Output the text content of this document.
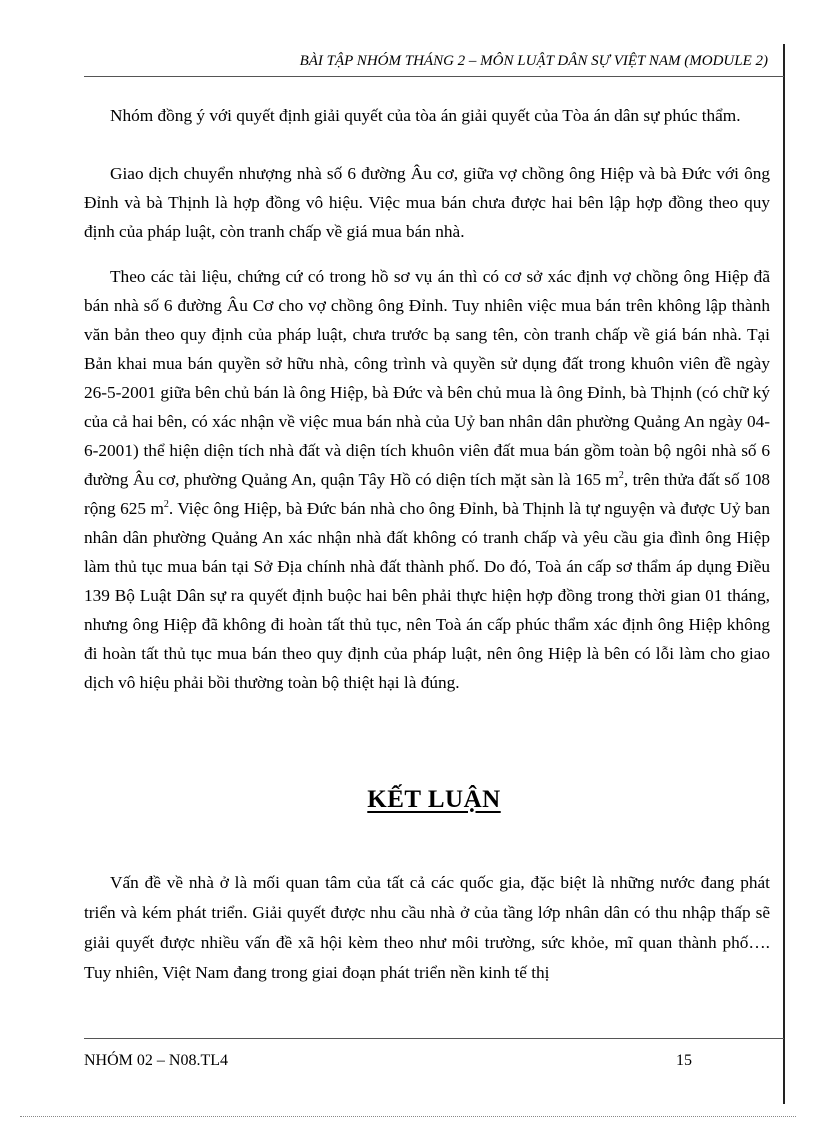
BÀI TẬP NHÓM THÁNG 2 – MÔN LUẬT DÂN SỰ VIỆT NAM (MODULE 2)

Nhóm đồng ý với quyết định giải quyết của tòa án giải quyết của Tòa án dân sự phúc thẩm.

Giao dịch chuyển nhượng nhà số 6 đường Âu cơ, giữa vợ chồng ông Hiệp và bà Đức với ông Đỉnh và bà Thịnh là hợp đồng vô hiệu. Việc mua bán chưa được hai bên lập hợp đồng theo quy định của pháp luật, còn tranh chấp về giá mua bán nhà.

Theo các tài liệu, chứng cứ có trong hồ sơ vụ án thì có cơ sở xác định vợ chồng ông Hiệp đã bán nhà số 6 đường Âu Cơ cho vợ chồng ông Đỉnh. Tuy nhiên việc mua bán trên không lập thành văn bản theo quy định của pháp luật, chưa trước bạ sang tên, còn tranh chấp về giá bán nhà. Tại Bản khai mua bán quyền sở hữu nhà, công trình và quyền sử dụng đất trong khuôn viên đề ngày 26-5-2001 giữa bên chủ bán là ông Hiệp, bà Đức và bên chủ mua là ông Đỉnh, bà Thịnh (có chữ ký của cả hai bên, có xác nhận về việc mua bán nhà của Uỷ ban nhân dân phường Quảng An ngày 04-6-2001) thể hiện diện tích nhà đất và diện tích khuôn viên đất mua bán gồm toàn bộ ngôi nhà số 6 đường Âu cơ, phường Quảng An, quận Tây Hồ có diện tích mặt sàn là 165 $m^2$, trên thửa đất số 108 rộng 625 $m^2$. Việc ông Hiệp, bà Đức bán nhà cho ông Đỉnh, bà Thịnh là tự nguyện và được Uỷ ban nhân dân phường Quảng An xác nhận nhà đất không có tranh chấp và yêu cầu gia đình ông Hiệp làm thủ tục mua bán tại Sở Địa chính nhà đất thành phố. Do đó, Toà án cấp sơ thẩm áp dụng Điều 139 Bộ Luật Dân sự ra quyết định buộc hai bên phải thực hiện hợp đồng trong thời gian 01 tháng, nhưng ông Hiệp đã không đi hoàn tất thủ tục, nên Toà án cấp phúc thẩm xác định ông Hiệp không đi hoàn tất thủ tục mua bán theo quy định của pháp luật, nên ông Hiệp là bên có lỗi làm cho giao dịch vô hiệu phải bồi thường toàn bộ thiệt hại là đúng.

KẾT LUẬN

Vấn đề về nhà ở là mối quan tâm của tất cả các quốc gia, đặc biệt là những nước đang phát triển và kém phát triển. Giải quyết được nhu cầu nhà ở của tầng lớp nhân dân có thu nhập thấp sẽ giải quyết được nhiều vấn đề xã hội kèm theo như môi trường, sức khỏe, mĩ quan thành phố…. Tuy nhiên, Việt Nam đang trong giai đoạn phát triển nền kinh tế thị

NHÓM 02 – N08.TL4	15
